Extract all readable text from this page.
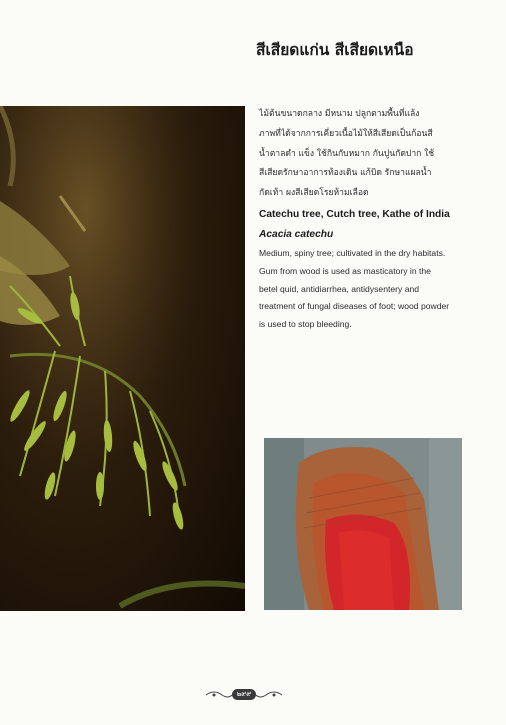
สีเสียดแก่น สีเสียดเหนือ
ไม้ต้นขนาดกลาง มีหนาม ปลูกตามพื้นที่แล้ง
ภาพที่ได้จากการเคี่ยวเนื้อไม้ให้สีเสียดเป็นก้อนสี
น้ำตาลดำ แข็ง ใช้กินกับหมาก กันปูนกัดปาก ใช้
สีเสียดรักษาอาการท้องเดิน แก้บิด รักษาแผลน้ำ
กัดเท้า ผงสีเสียดโรยห้ามเลือด
Catechu tree, Cutch tree, Kathe of India
Acacia catechu
Medium, spiny tree; cultivated in the dry habitats.
Gum from wood is used as masticatory in the
betel quid, antidiarrhea, antidysentery and
treatment of fungal diseases of foot; wood powder
is used to stop bleeding.
๒๙๙
